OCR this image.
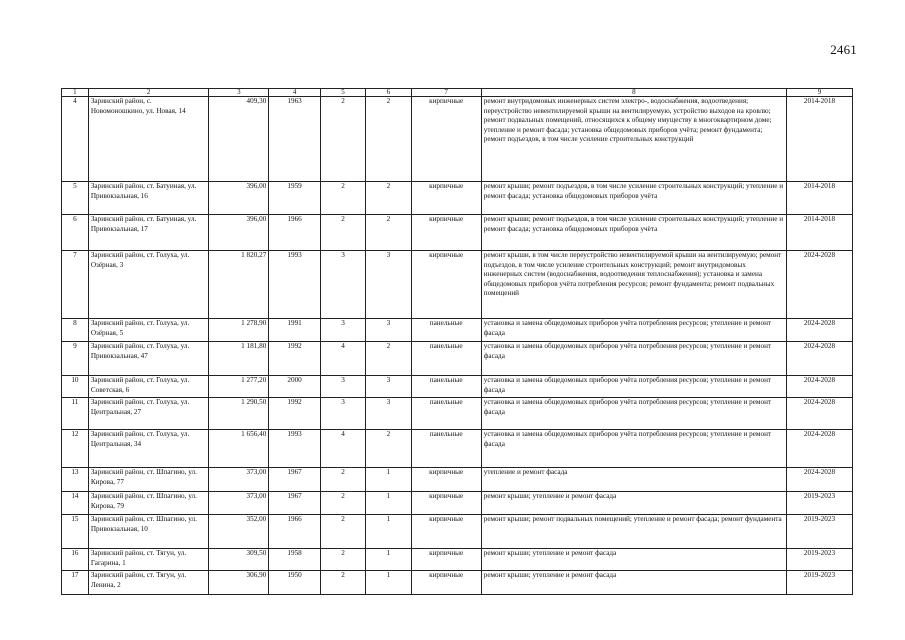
2461
1	2	3	4	5	6	7	8	9
4	Заринский район, с. Новомоношкино, ул. Новая, 14	409,30	1963	2	2	кирпичные	ремонт внутридомовых инженерных систем электро-, водоснабжения, водоотведения; переустройство невентилируемой крыши на вентилируемую, устройство выходов на кровлю; ремонт подвальных помещений, относящихся к общему имуществу в многоквартирном доме; утепление и ремонт фасада; установка общедомовых приборов учёта; ремонт фундамента; ремонт подъездов, в том числе усиление строительных конструкций	2014-2018
5	Заринский район, ст. Батуиная, ул. Привокзальная, 16	396,00	1959	2	2	кирпичные	ремонт крыши; ремонт подъездов, в том числе усиление строительных конструкций; утепление и ремонт фасада; установка общедомовых приборов учёта	2014-2018
6	Заринский район, ст. Батуиная, ул. Привокзальная, 17	396,00	1966	2	2	кирпичные	ремонт крыши; ремонт подъездов, в том числе усиление строительных конструкций; утепление и ремонт фасада; установка общедомовых приборов учёта	2014-2018
7	Заринский район, ст. Голуха, ул. Озёрная, 3	1 820,27	1993	3	3	кирпичные	ремонт крыши, в том числе переустройство невентилируемой крыши на вентилируемую; ремонт подъездов, в том числе усиление строительных конструкций; ремонт внутридомовых инженерных систем (водоснабжения, водоотведения теплоснабжения); установка и замена общедомовых приборов учёта потребления ресурсов; ремонт фундамента; ремонт подвальных помещений	2024-2028
8	Заринский район, ст. Голуха, ул. Озёрная, 5	1 278,90	1991	3	3	панельные	установка и замена общедомовых приборов учёта потребления ресурсов; утепление и ремонт фасада	2024-2028
9	Заринский район, ст. Голуха, ул. Привокзальная, 47	1 181,80	1992	4	2	панельные	установка и замена общедомовых приборов учёта потребления ресурсов; утепление и ремонт фасада	2024-2028
10	Заринский район, ст. Голуха, ул. Советская, 6	1 277,20	2000	3	3	панельные	установка и замена общедомовых приборов учёта потребления ресурсов; утепление и ремонт фасада	2024-2028
11	Заринский район, ст. Голуха, ул. Центральная, 27	1 290,50	1992	3	3	панельные	установка и замена общедомовых приборов учёта потребления ресурсов; утепление и ремонт фасада	2024-2028
12	Заринский район, ст. Голуха, ул. Центральная, 34	1 656,40	1993	4	2	панельные	установка и замена общедомовых приборов учёта потребления ресурсов; утепление и ремонт фасада	2024-2028
13	Заринский район, ст. Шпагино, ул. Кирова, 77	373,00	1967	2	1	кирпичные	утепление и ремонт фасада	2024-2028
14	Заринский район, ст. Шпагино, ул. Кирова, 79	373,00	1967	2	1	кирпичные	ремонт крыши; утепление и ремонт фасада	2019-2023
15	Заринский район, ст. Шпагино, ул. Привокзальная, 10	352,00	1966	2	1	кирпичные	ремонт крыши; ремонт подвальных помещений; утепление и ремонт фасада; ремонт фундамента	2019-2023
16	Заринский район, ст. Тягун, ул. Гагарина, 1	309,50	1958	2	1	кирпичные	ремонт крыши; утепление и ремонт фасада	2019-2023
17	Заринский район, ст. Тягун, ул. Ленина, 2	306,90	1950	2	1	кирпичные	ремонт крыши; утепление и ремонт фасада	2019-2023
